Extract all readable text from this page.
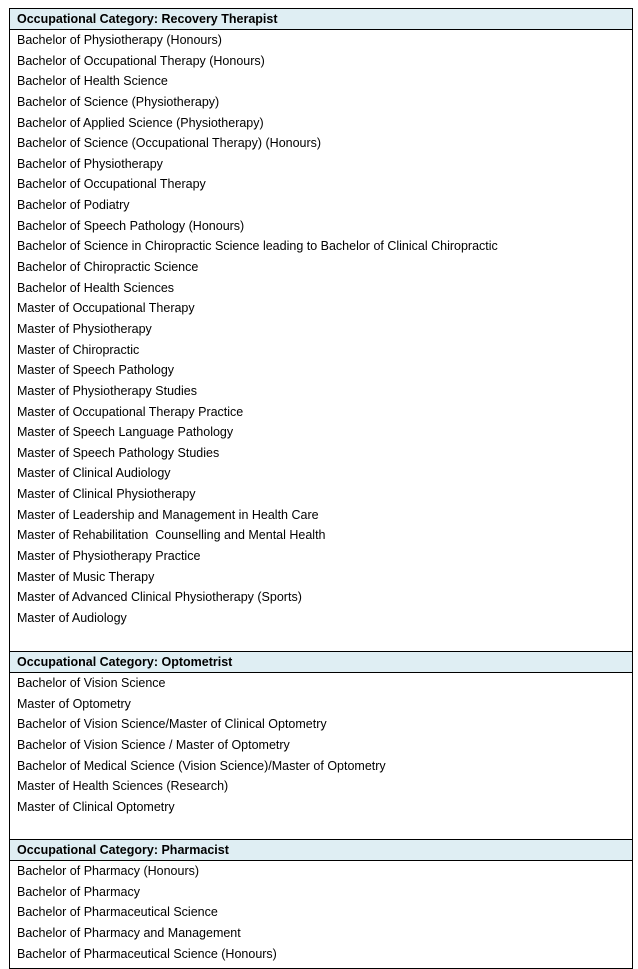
Occupational Category: Recovery Therapist
Bachelor of Physiotherapy (Honours)
Bachelor of Occupational Therapy (Honours)
Bachelor of Health Science
Bachelor of Science (Physiotherapy)
Bachelor of Applied Science (Physiotherapy)
Bachelor of Science (Occupational Therapy) (Honours)
Bachelor of Physiotherapy
Bachelor of Occupational Therapy
Bachelor of Podiatry
Bachelor of Speech Pathology (Honours)
Bachelor of Science in Chiropractic Science leading to Bachelor of Clinical Chiropractic
Bachelor of Chiropractic Science
Bachelor of Health Sciences
Master of Occupational Therapy
Master of Physiotherapy
Master of Chiropractic
Master of Speech Pathology
Master of Physiotherapy Studies
Master of Occupational Therapy Practice
Master of Speech Language Pathology
Master of Speech Pathology Studies
Master of Clinical Audiology
Master of Clinical Physiotherapy
Master of Leadership and Management in Health Care
Master of Rehabilitation  Counselling and Mental Health
Master of Physiotherapy Practice
Master of Music Therapy
Master of Advanced Clinical Physiotherapy (Sports)
Master of Audiology
Occupational Category: Optometrist
Bachelor of Vision Science
Master of Optometry
Bachelor of Vision Science/Master of Clinical Optometry
Bachelor of Vision Science / Master of Optometry
Bachelor of Medical Science (Vision Science)/Master of Optometry
Master of Health Sciences (Research)
Master of Clinical Optometry
Occupational Category: Pharmacist
Bachelor of Pharmacy (Honours)
Bachelor of Pharmacy
Bachelor of Pharmaceutical Science
Bachelor of Pharmacy and Management
Bachelor of Pharmaceutical Science (Honours)
